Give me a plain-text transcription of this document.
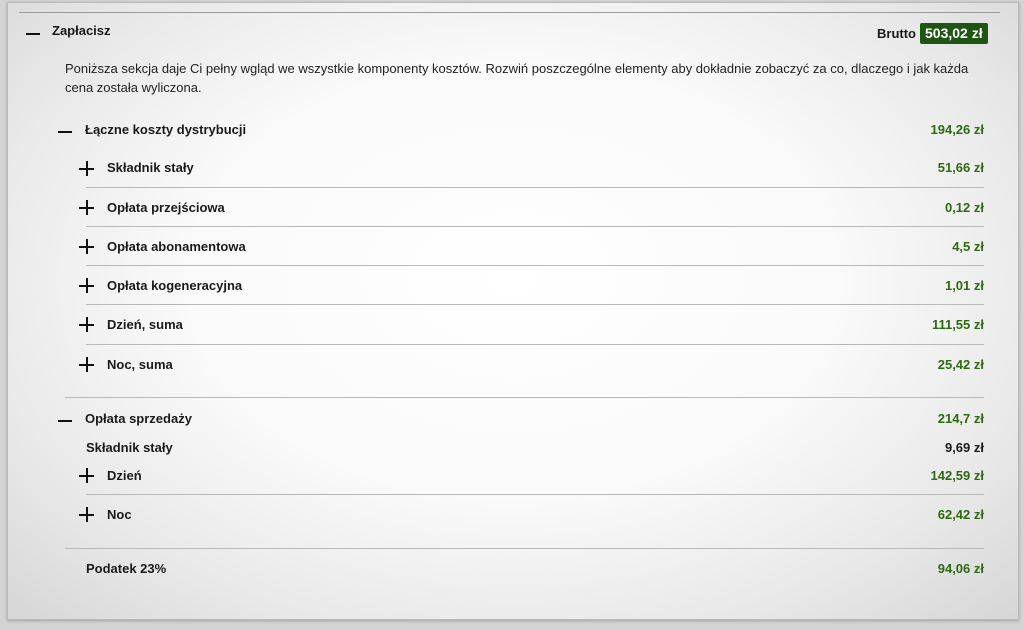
Zapłacisz	Brutto 503,02 zł
Poniższa sekcja daje Ci pełny wgląd we wszystkie komponenty kosztów. Rozwiń poszczególne elementy aby dokładnie zobaczyć za co, dlaczego i jak każda cena została wyliczona.
Łączne koszty dystrybucji	194,26 zł
Składnik stały	51,66 zł
Opłata przejściowa	0,12 zł
Opłata abonamentowa	4,5 zł
Opłata kogeneracyjna	1,01 zł
Dzień, suma	111,55 zł
Noc, suma	25,42 zł
Opłata sprzedaży	214,7 zł
Składnik stały	9,69 zł
Dzień	142,59 zł
Noc	62,42 zł
Podatek 23%	94,06 zł
